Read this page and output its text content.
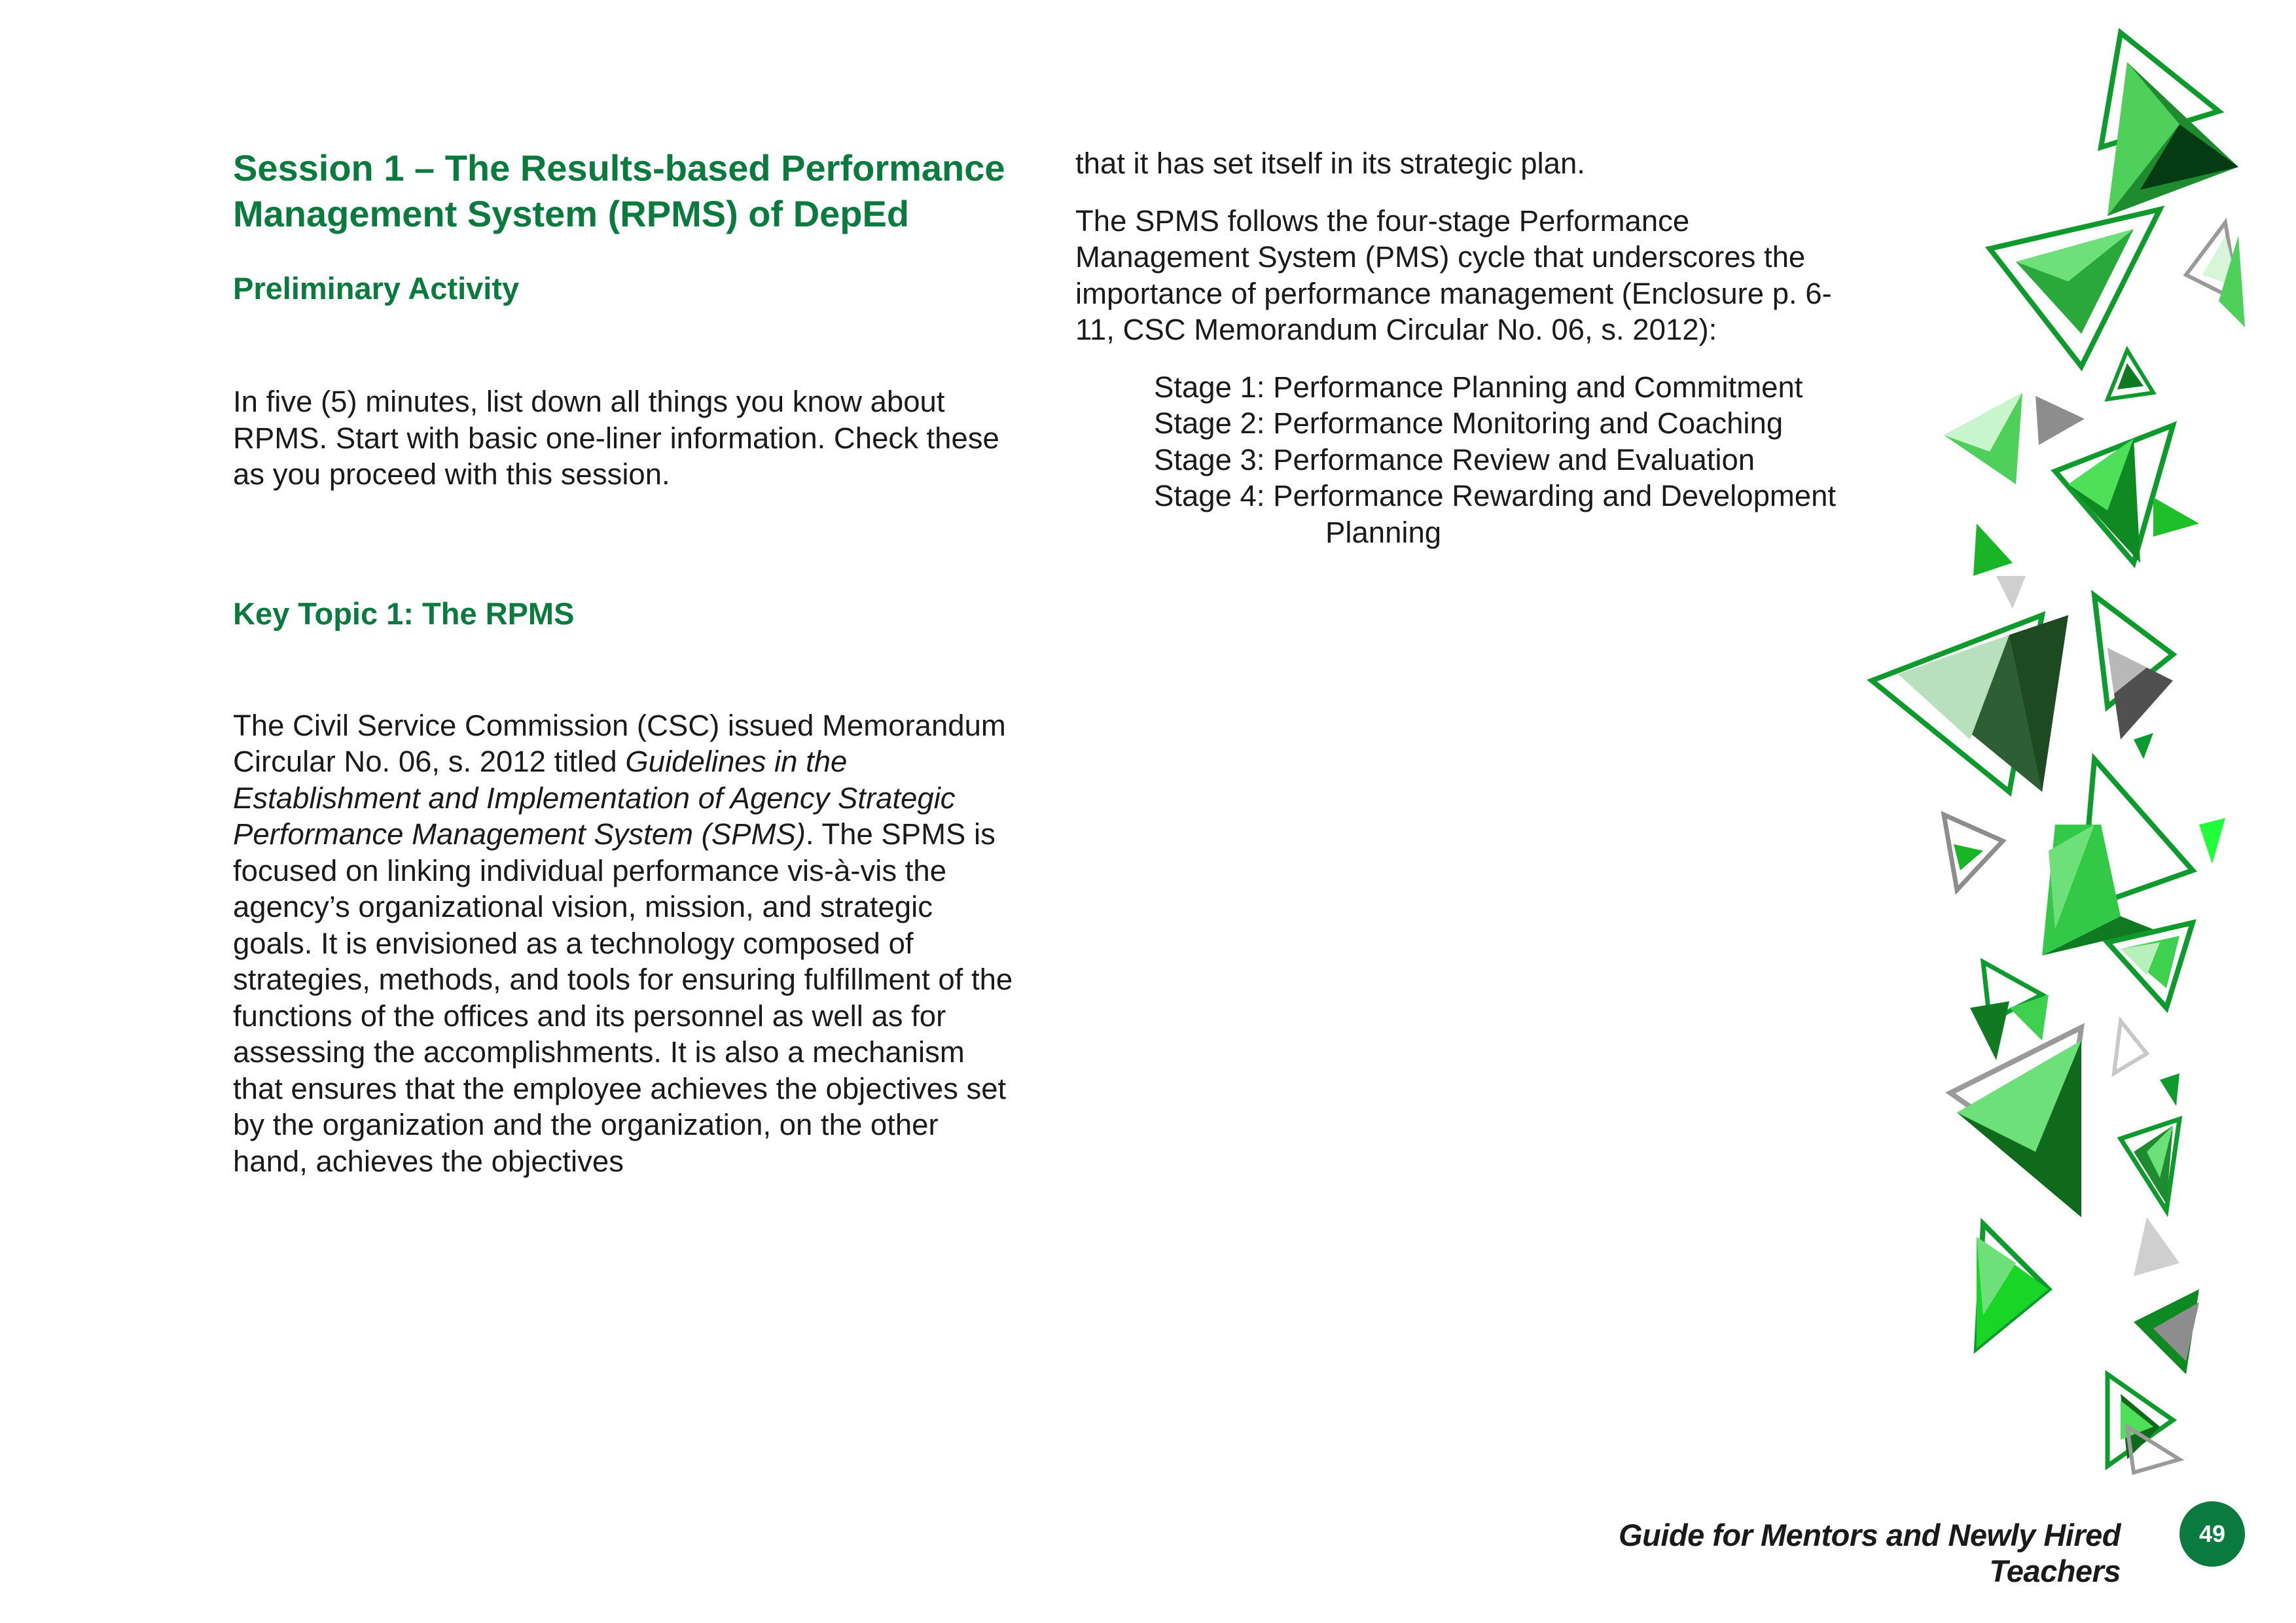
Session 1 – The Results-based Performance Management System (RPMS) of DepEd
Preliminary Activity

In five (5) minutes, list down all things you know about RPMS. Start with basic one-liner information. Check these as you proceed with this session.

Key Topic 1: The RPMS

The Civil Service Commission (CSC) issued Memorandum Circular No. 06, s. 2012 titled Guidelines in the Establishment and Implementation of Agency Strategic Performance Management System (SPMS). The SPMS is focused on linking individual performance vis-à-vis the agency’s organizational vision, mission, and strategic goals. It is envisioned as a technology composed of strategies, methods, and tools for ensuring fulfillment of the functions of the offices and its personnel as well as for assessing the accomplishments. It is also a mechanism that ensures that the employee achieves the objectives set by the organization and the organization, on the other hand, achieves the objectives

that it has set itself in its strategic plan.

The SPMS follows the four-stage Performance Management System (PMS) cycle that underscores the importance of performance management (Enclosure p. 6-11, CSC Memorandum Circular No. 06, s. 2012):

Stage 1: Performance Planning and Commitment
Stage 2: Performance Monitoring and Coaching
Stage 3: Performance Review and Evaluation
Stage 4: Performance Rewarding and Development
Planning
Guide for Mentors and Newly Hired Teachers
49
